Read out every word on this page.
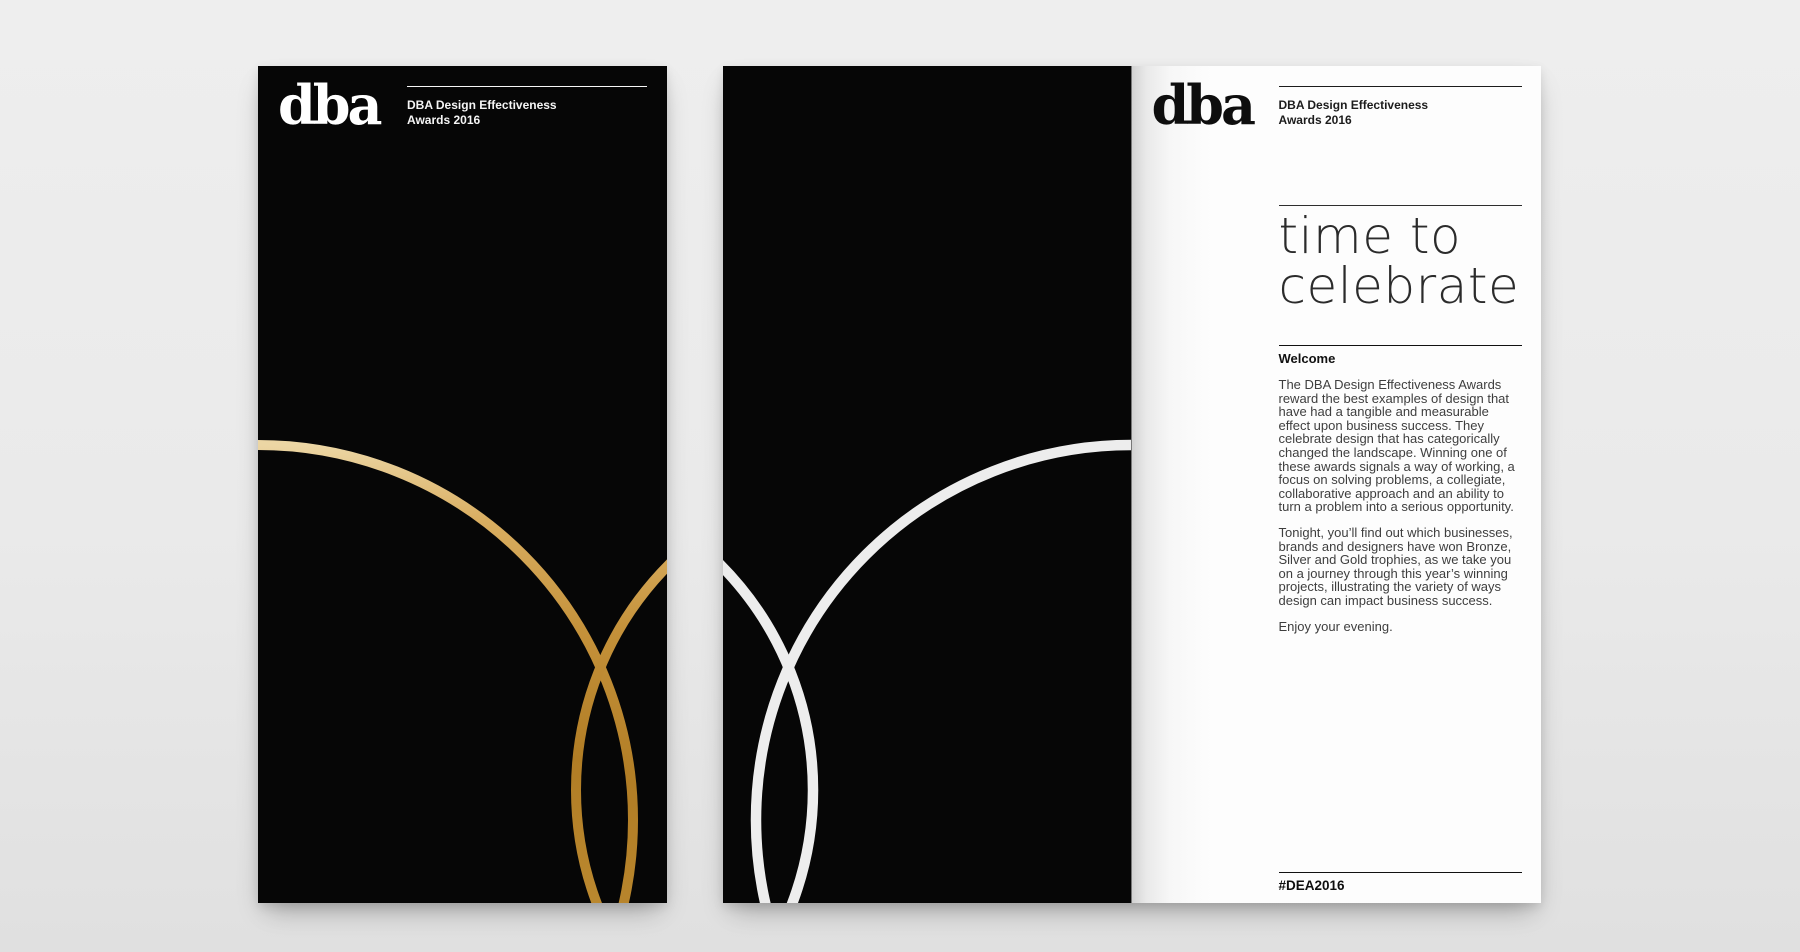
dba DBA Design Effectiveness
Awards 2016	dba DBA Design Effectiveness
Awards 2016
time to
celebrate
Welcome

The DBA Design Effectiveness Awards reward the best examples of design that have had a tangible and measurable effect upon business success. They celebrate design that has categorically changed the landscape. Winning one of these awards signals a way of working, a focus on solving problems, a collegiate, collaborative approach and an ability to turn a problem into a serious opportunity.

Tonight, you’ll find out which businesses, brands and designers have won Bronze, Silver and Gold trophies, as we take you on a journey through this year’s winning projects, illustrating the variety of ways design can impact business success.

Enjoy your evening.

#DEA2016
